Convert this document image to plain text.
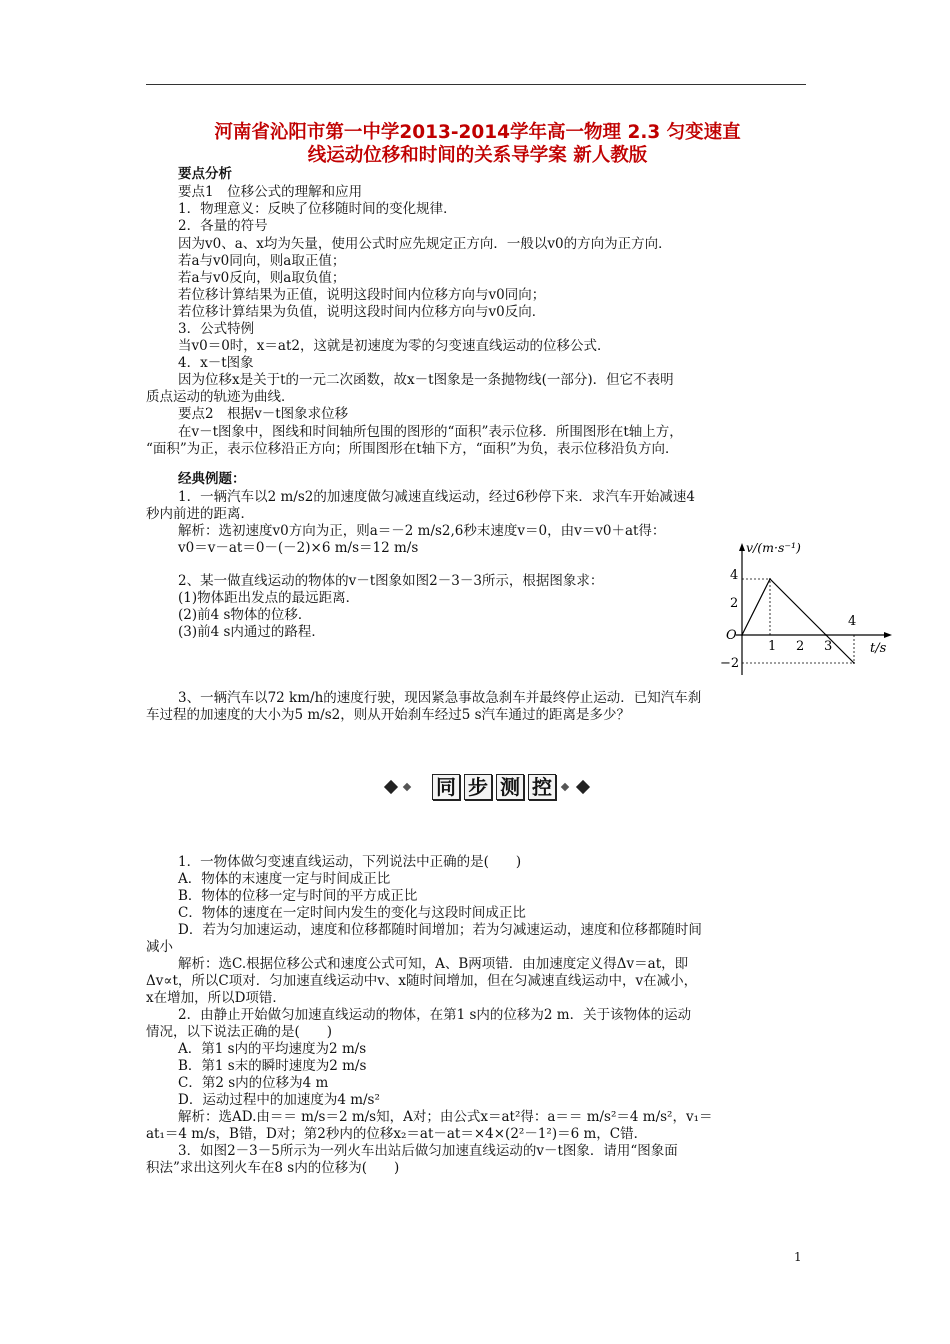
河南省沁阳市第一中学2013-2014学年高一物理 2.3 匀变速直
线运动位移和时间的关系导学案 新人教版
要点分析
要点1　位移公式的理解和应用
1．物理意义：反映了位移随时间的变化规律．
2．各量的符号
因为v0、a、x均为矢量，使用公式时应先规定正方向．一般以v0的方向为正方向．
若a与v0同向，则a取正值；
若a与v0反向，则a取负值；
若位移计算结果为正值，说明这段时间内位移方向与v0同向；
若位移计算结果为负值，说明这段时间内位移方向与v0反向．
3．公式特例
当v0＝0时，x＝at2，这就是初速度为零的匀变速直线运动的位移公式．
4．x－t图象
因为位移x是关于t的一元二次函数，故x－t图象是一条抛物线(一部分)．但它不表明
质点运动的轨迹为曲线．
要点2　根据v－t图象求位移
在v－t图象中，图线和时间轴所包围的图形的“面积”表示位移．所围图形在t轴上方，
“面积”为正，表示位移沿正方向；所围图形在t轴下方，“面积”为负，表示位移沿负方向．
经典例题：
1．一辆汽车以2 m/s2的加速度做匀减速直线运动，经过6秒停下来．求汽车开始减速4
秒内前进的距离．
解析：选初速度v0方向为正，则a＝－2 m/s2,6秒末速度v＝0，由v＝v0＋at得：
v0＝v－at＝0－(－2)×6 m/s＝12 m/s
2、某一做直线运动的物体的v－t图象如图2－3－3所示，根据图象求：
(1)物体距出发点的最远距离．
(2)前4 s物体的位移．
(3)前4 s内通过的路程．
v/(m·s⁻¹)
t/s
O
4
2
−2
1 2 3
4
3、一辆汽车以72 km/h的速度行驶，现因紧急事故急刹车并最终停止运动．已知汽车刹
车过程的加速度的大小为5 m/s2，则从开始刹车经过5 s汽车通过的距离是多少？
同 步 测 控
1．一物体做匀变速直线运动，下列说法中正确的是(　　)
A．物体的末速度一定与时间成正比
B．物体的位移一定与时间的平方成正比
C．物体的速度在一定时间内发生的变化与这段时间成正比
D．若为匀加速运动，速度和位移都随时间增加；若为匀减速运动，速度和位移都随时间
减小
解析：选C.根据位移公式和速度公式可知，A、B两项错．由加速度定义得Δv＝at，即
Δv∝t，所以C项对．匀加速直线运动中v、x随时间增加，但在匀减速直线运动中，v在减小，
x在增加，所以D项错．
2．由静止开始做匀加速直线运动的物体，在第1 s内的位移为2 m．关于该物体的运动
情况，以下说法正确的是(　　)
A．第1 s内的平均速度为2 m/s
B．第1 s末的瞬时速度为2 m/s
C．第2 s内的位移为4 m
D．运动过程中的加速度为4 m/s²
解析：选AD.由＝＝ m/s＝2 m/s知，A对；由公式x＝at²得：a＝＝ m/s²＝4 m/s²，v₁＝
at₁＝4 m/s，B错，D对；第2秒内的位移x₂＝at－at＝×4×(2²－1²)＝6 m，C错．
3．如图2－3－5所示为一列火车出站后做匀加速直线运动的v－t图象．请用“图象面
积法”求出这列火车在8 s内的位移为(　　)
1
